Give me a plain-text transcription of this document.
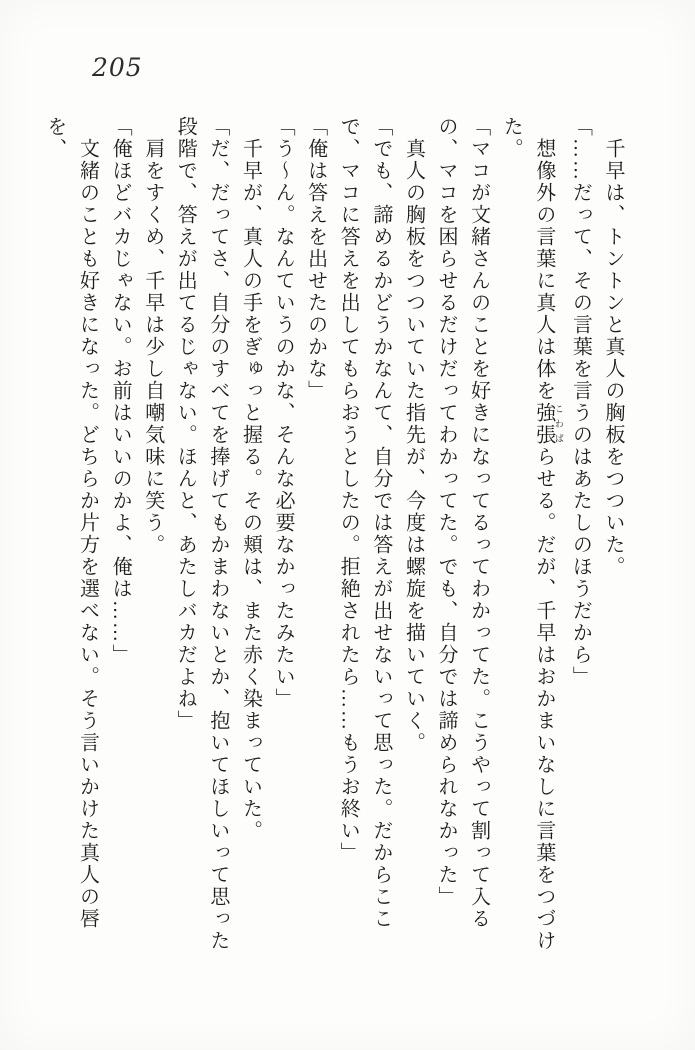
205

千早は、トントンと真人の胸板をつついた。

「……だって、その言葉を言うのはあたしのほうだから」

想像外の言葉に真人は体を強張 こわばらせる。だが、千早はおかまいなしに言葉をつづけた。

「マコが文緒さんのことを好きになってるってわかってた。こうやって割って入るの、マコを困らせるだけだってわかってた。でも、自分では諦められなかった」

真人の胸板をつついていた指先が、今度は螺旋を描いていく。

「でも、諦めるかどうかなんて、自分では答えが出せないって思った。だからここで、マコに答えを出してもらおうとしたの。拒絶されたら……もうお終い」

「俺は答えを出せたのかな」

「う〜ん。なんていうのかな、そんな必要なかったみたい」

千早が、真人の手をぎゅっと握る。その頬は、また赤く染まっていた。

「だ、だってさ、自分のすべてを捧げてもかまわないとか、抱いてほしいって思った段階で、答えが出てるじゃない。ほんと、あたしバカだよね」

肩をすくめ、千早は少し自嘲気味に笑う。

「俺ほどバカじゃない。お前はいいのかよ、俺は……」

文緒のことも好きになった。どちらか片方を選べない。そう言いかけた真人の唇を、
